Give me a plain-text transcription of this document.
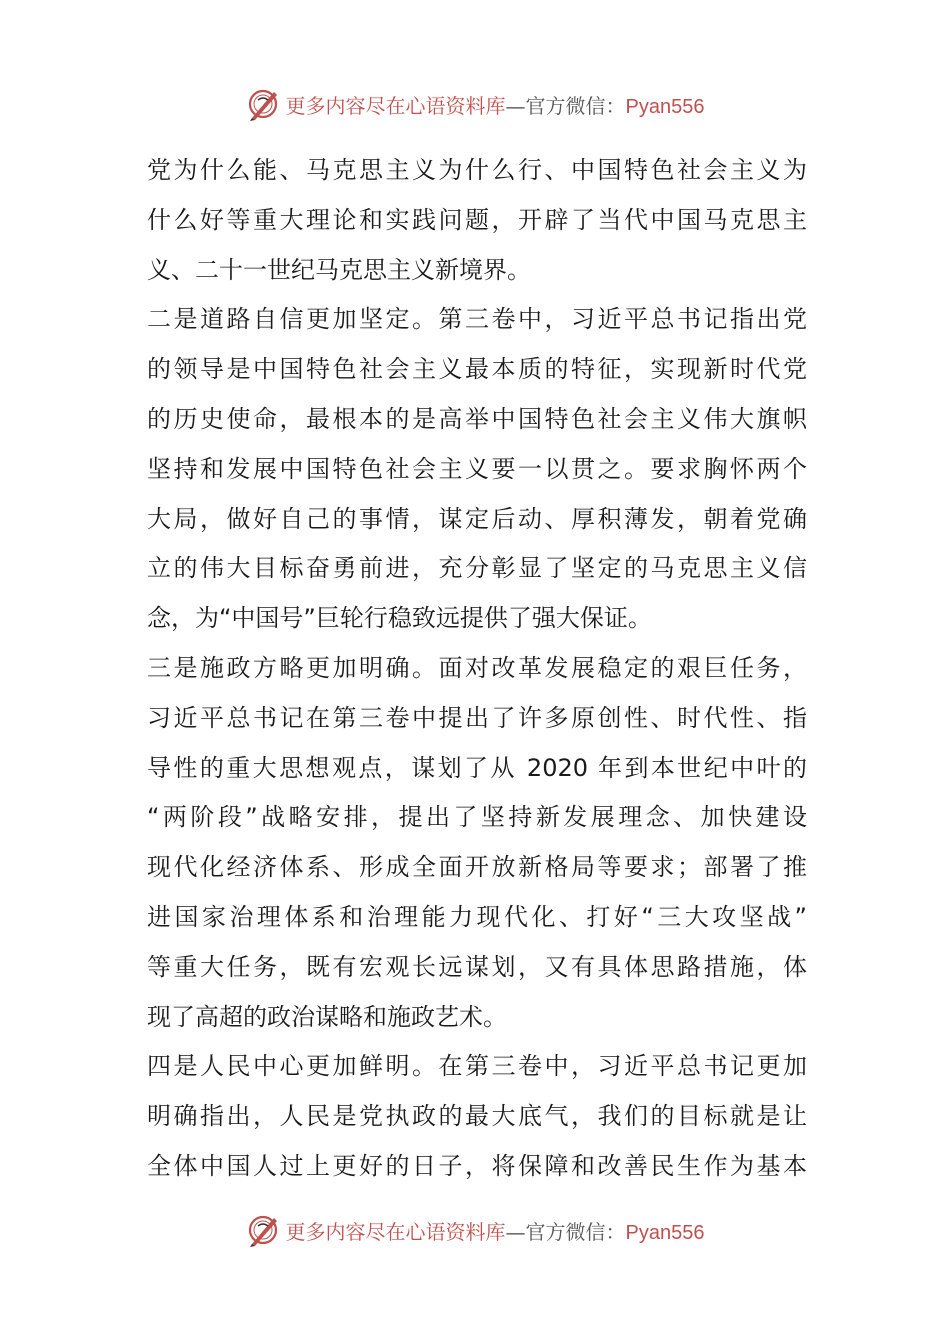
更多内容尽在心语资料库—官方微信：Pyan556
党为什么能、马克思主义为什么行、中国特色社会主义为
什么好等重大理论和实践问题，开辟了当代中国马克思主
义、二十一世纪马克思主义新境界。
二是道路自信更加坚定。第三卷中，习近平总书记指出党
的领导是中国特色社会主义最本质的特征，实现新时代党
的历史使命，最根本的是高举中国特色社会主义伟大旗帜
坚持和发展中国特色社会主义要一以贯之。要求胸怀两个
大局，做好自己的事情，谋定后动、厚积薄发，朝着党确
立的伟大目标奋勇前进，充分彰显了坚定的马克思主义信
念，为“中国号”巨轮行稳致远提供了强大保证。
三是施政方略更加明确。面对改革发展稳定的艰巨任务，
习近平总书记在第三卷中提出了许多原创性、时代性、指
导性的重大思想观点，谋划了从 2020 年到本世纪中叶的
“两阶段”战略安排，提出了坚持新发展理念、加快建设
现代化经济体系、形成全面开放新格局等要求；部署了推
进国家治理体系和治理能力现代化、打好“三大攻坚战”
等重大任务，既有宏观长远谋划，又有具体思路措施，体
现了高超的政治谋略和施政艺术。
四是人民中心更加鲜明。在第三卷中，习近平总书记更加
明确指出，人民是党执政的最大底气，我们的目标就是让
全体中国人过上更好的日子，将保障和改善民生作为基本
更多内容尽在心语资料库—官方微信：Pyan556
